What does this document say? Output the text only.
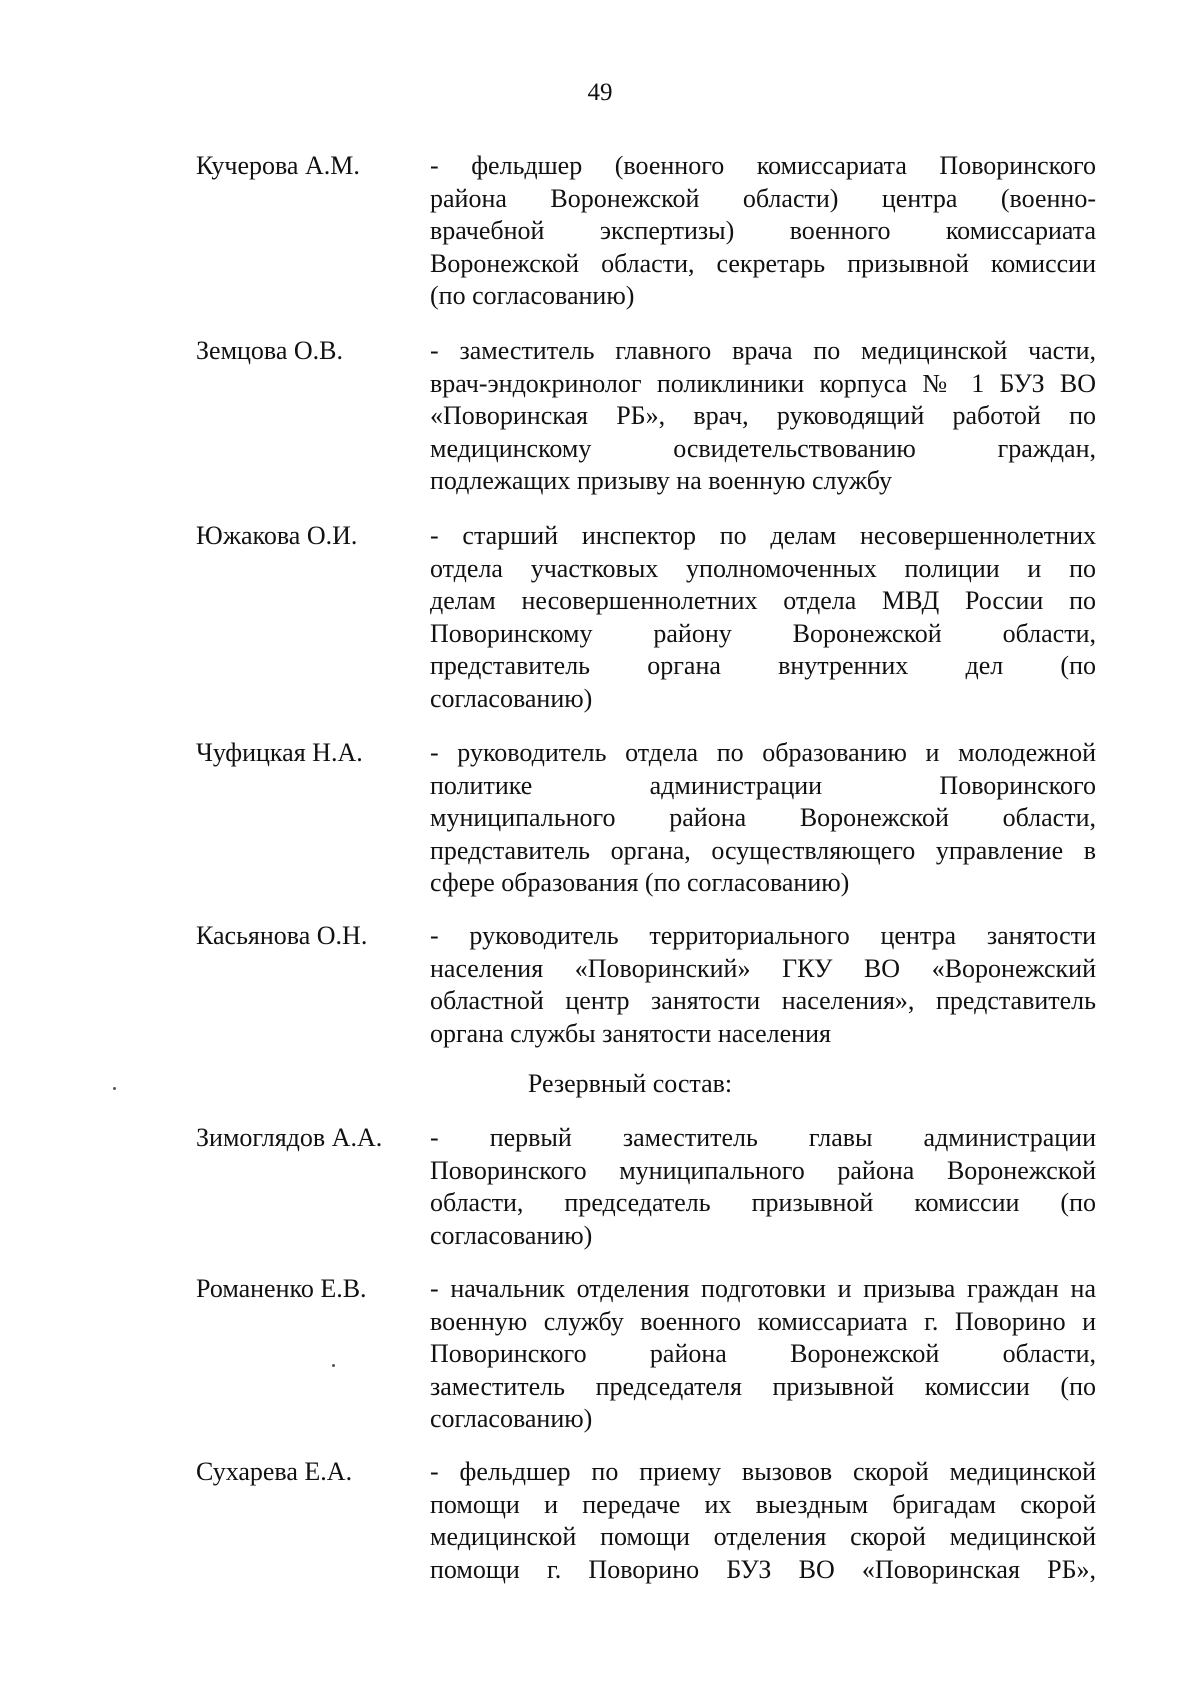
49
Кучерова А.М.	- фельдшер (военного комиссариата Поворинского
района Воронежской области) центра (военно-
врачебной экспертизы) военного комиссариата
Воронежской области, секретарь призывной комиссии
(по согласованию)
Земцова О.В.	- заместитель главного врача по медицинской части,
врач-эндокринолог поликлиники корпуса № 1 БУЗ ВО
«Поворинская РБ», врач, руководящий работой по
медицинскому освидетельствованию граждан,
подлежащих призыву на военную службу
Южакова О.И.	- старший инспектор по делам несовершеннолетних
отдела участковых уполномоченных полиции и по
делам несовершеннолетних отдела МВД России по
Поворинскому району Воронежской области,
представитель органа внутренних дел (по
согласованию)
Чуфицкая Н.А.	- руководитель отдела по образованию и молодежной
политике администрации Поворинского
муниципального района Воронежской области,
представитель органа, осуществляющего управление в
сфере образования (по согласованию)
Касьянова О.Н.	- руководитель территориального центра занятости
населения «Поворинский» ГКУ ВО «Воронежский
областной центр занятости населения», представитель
органа службы занятости населения
Резервный состав:
Зимоглядов А.А.	- первый заместитель главы администрации
Поворинского муниципального района Воронежской
области, председатель призывной комиссии (по
согласованию)
Романенко Е.В.	- начальник отделения подготовки и призыва граждан на
военную службу военного комиссариата г. Поворино и
Поворинского района Воронежской области,
заместитель председателя призывной комиссии (по
согласованию)
Сухарева Е.А.	- фельдшер по приему вызовов скорой медицинской
помощи и передаче их выездным бригадам скорой
медицинской помощи отделения скорой медицинской
помощи г. Поворино БУЗ ВО «Поворинская РБ»,
